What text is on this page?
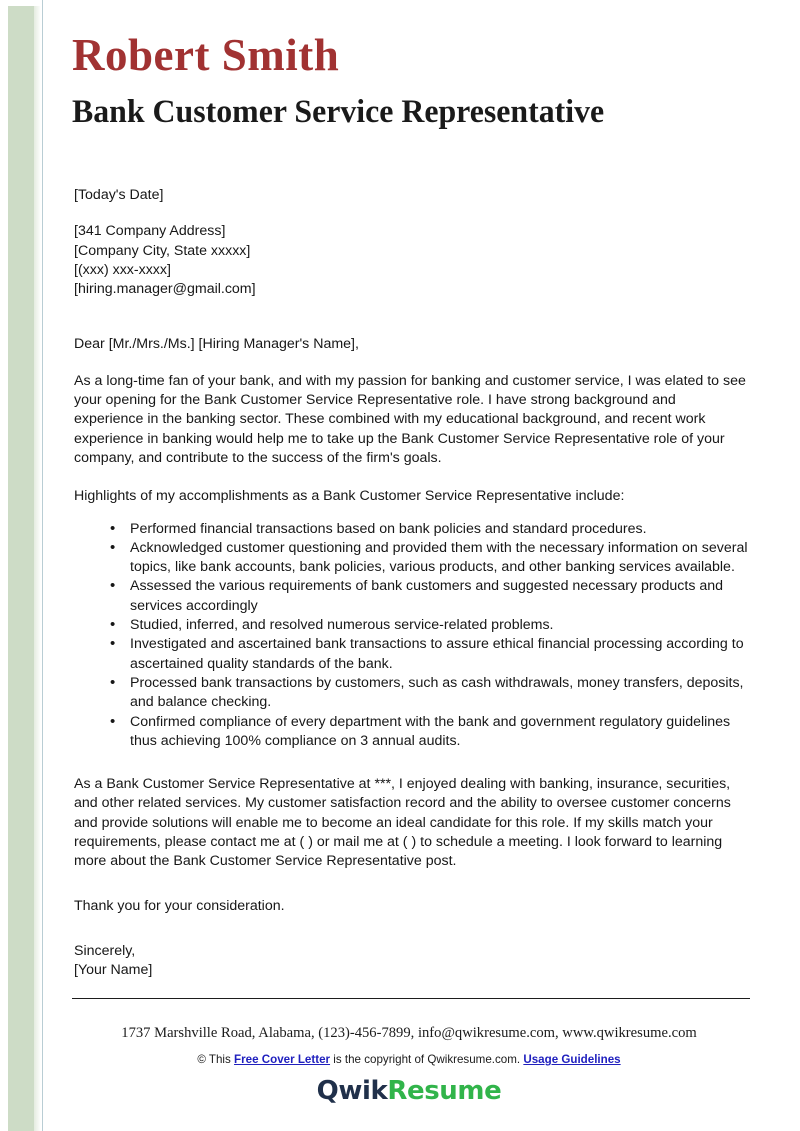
Robert Smith
Bank Customer Service Representative
[Today's Date]
[341 Company Address]
[Company City, State xxxxx]
[(xxx) xxx-xxxx]
[hiring.manager@gmail.com]
Dear [Mr./Mrs./Ms.] [Hiring Manager's Name],

As a long-time fan of your bank, and with my passion for banking and customer service, I was elated to see your opening for the Bank Customer Service Representative role. I have strong background and experience in the banking sector. These combined with my educational background, and recent work experience in banking would help me to take up the Bank Customer Service Representative role of your company, and contribute to the success of the firm's goals.

Highlights of my accomplishments as a Bank Customer Service Representative include:

• Performed financial transactions based on bank policies and standard procedures.
• Acknowledged customer questioning and provided them with the necessary information on several topics, like bank accounts, bank policies, various products, and other banking services available.
• Assessed the various requirements of bank customers and suggested necessary products and services accordingly
• Studied, inferred, and resolved numerous service-related problems.
• Investigated and ascertained bank transactions to assure ethical financial processing according to ascertained quality standards of the bank.
• Processed bank transactions by customers, such as cash withdrawals, money transfers, deposits, and balance checking.
• Confirmed compliance of every department with the bank and government regulatory guidelines thus achieving 100% compliance on 3 annual audits.

As a Bank Customer Service Representative at ***, I enjoyed dealing with banking, insurance, securities, and other related services. My customer satisfaction record and the ability to oversee customer concerns and provide solutions will enable me to become an ideal candidate for this role. If my skills match your requirements, please contact me at ( ) or mail me at ( ) to schedule a meeting. I look forward to learning more about the Bank Customer Service Representative post.

Thank you for your consideration.

Sincerely,
[Your Name]
1737 Marshville Road, Alabama, (123)-456-7899, info@qwikresume.com, www.qwikresume.com
© This Free Cover Letter is the copyright of Qwikresume.com. Usage Guidelines
QwikResume
